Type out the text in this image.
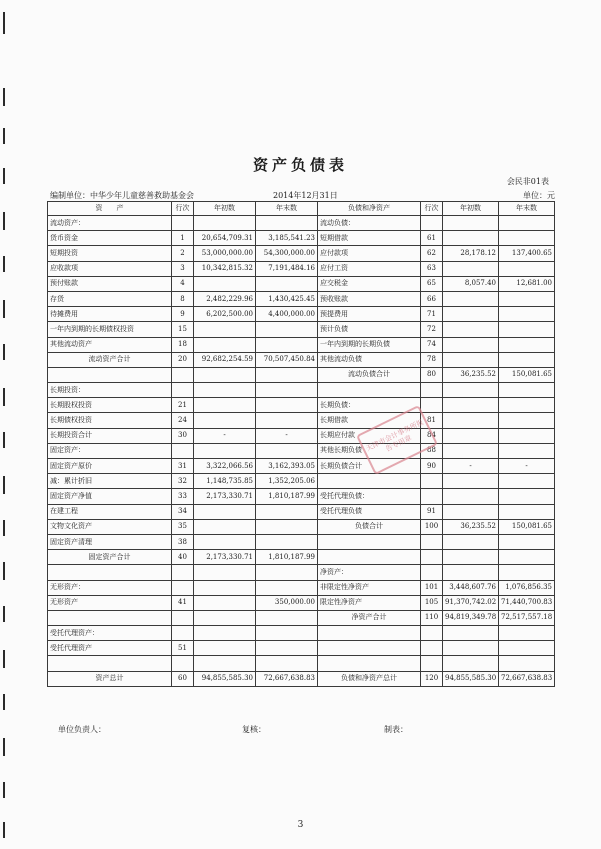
资产负债表
会民非01表
编制单位：中华少年儿童慈善救助基金会	2014年12月31日	单位：元
资　　产	行次	年初数	年末数	负债和净资产	行次	年初数	年末数
流动资产：				流动负债：			
货币资金	1	20,654,709.31	3,185,541.23	短期借款	61		
短期投资	2	53,000,000.00	54,300,000.00	应付款项	62	28,178.12	137,400.65
应收款项	3	10,342,815.32	7,191,484.16	应付工资	63		
预付账款	4			应交税金	65	8,057.40	12,681.00
存货	8	2,482,229.96	1,430,425.45	预收账款	66		
待摊费用	9	6,202,500.00	4,400,000.00	预提费用	71		
一年内到期的长期债权投资	15			预计负债	72		
其他流动资产	18			一年内到期的长期负债	74		
流动资产合计	20	92,682,254.59	70,507,450.84	其他流动负债	78		
				流动负债合计	80	36,235.52	150,081.65
长期投资：							
长期股权投资	21			长期负债：			
长期债权投资	24			长期借款	81		
长期投资合计	30	-	-	长期应付款	84		
固定资产：				其他长期负债	88		
固定资产原价	31	3,322,066.56	3,162,393.05	长期负债合计	90	-	-
减：累计折旧	32	1,148,735.85	1,352,205.06				
固定资产净值	33	2,173,330.71	1,810,187.99	受托代理负债：			
在建工程	34			受托代理负债	91		
文物文化资产	35			负债合计	100	36,235.52	150,081.65
固定资产清理	38						
固定资产合计	40	2,173,330.71	1,810,187.99				
				净资产：			
无形资产：				非限定性净资产	101	3,448,607.76	1,076,856.35
无形资产	41		350,000.00	限定性净资产	105	91,370,742.02	71,440,700.83
				净资产合计	110	94,819,349.78	72,517,557.18
受托代理资产：							
受托代理资产	51						

资产总计	60	94,855,585.30	72,667,638.83	负债和净资产总计	120	94,855,585.30	72,667,638.83
天津市会计事务所报告专用章
单位负责人：	复核：	制表：
3
